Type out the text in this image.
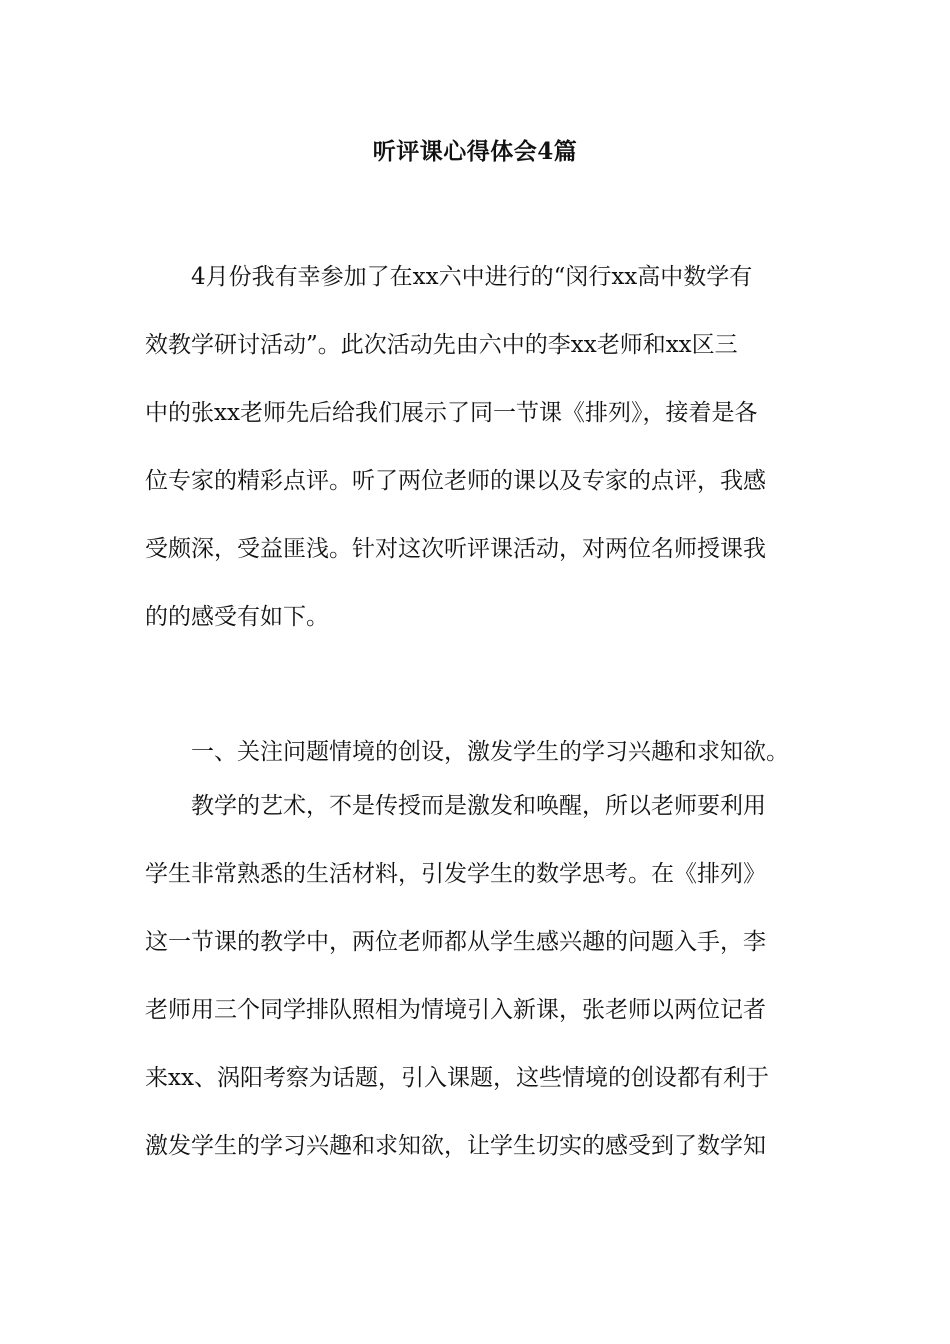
听评课心得体会4篇
4月份我有幸参加了在xx六中进行的“闵行xx高中数学有
效教学研讨活动”。此次活动先由六中的李xx老师和xx区三
中的张xx老师先后给我们展示了同一节课《排列》，接着是各
位专家的精彩点评。听了两位老师的课以及专家的点评，我感
受颇深，受益匪浅。针对这次听评课活动，对两位名师授课我
的的感受有如下。
一、关注问题情境的创设，激发学生的学习兴趣和求知欲。
教学的艺术，不是传授而是激发和唤醒，所以老师要利用
学生非常熟悉的生活材料，引发学生的数学思考。在《排列》
这一节课的教学中，两位老师都从学生感兴趣的问题入手，李
老师用三个同学排队照相为情境引入新课，张老师以两位记者
来xx、涡阳考察为话题，引入课题，这些情境的创设都有利于
激发学生的学习兴趣和求知欲，让学生切实的感受到了数学知
